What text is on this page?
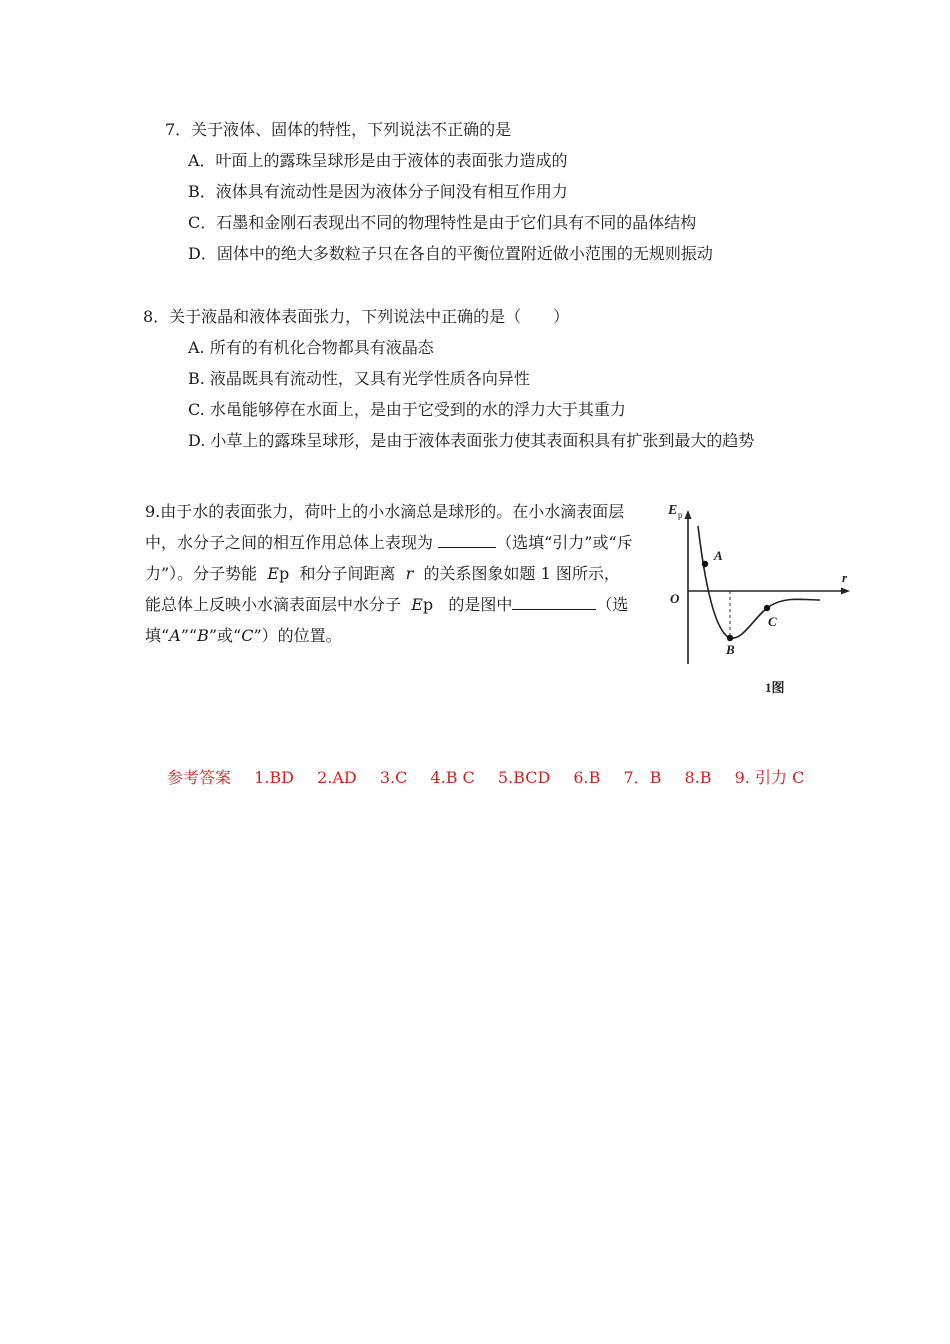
7．关于液体、固体的特性，下列说法不正确的是
A．叶面上的露珠呈球形是由于液体的表面张力造成的
B．液体具有流动性是因为液体分子间没有相互作用力
C．石墨和金刚石表现出不同的物理特性是由于它们具有不同的晶体结构
D．固体中的绝大多数粒子只在各自的平衡位置附近做小范围的无规则振动
8．关于液晶和液体表面张力，下列说法中正确的是（　　）
A. 所有的有机化合物都具有液晶态
B. 液晶既具有流动性，又具有光学性质各向异性
C. 水黾能够停在水面上，是由于它受到的水的浮力大于其重力
D. 小草上的露珠呈球形，是由于液体表面张力使其表面积具有扩张到最大的趋势
9.由于水的表面张力，荷叶上的小水滴总是球形的。在小水滴表面层
中，水分子之间的相互作用总体上表现为	（选填“引力”或“斥
力”）。分子势能 Ep 和分子间距离 r 的关系图象如题 1 图所示，
能总体上反映小水滴表面层中水分子 Ep 的是图中	（选
填“A”“B”或“C”）的位置。
E p
r
O
A
B
C
1图
参考答案 1.BD 2.AD 3.C 4.B C 5.BCD 6.B 7．B 8.B 9. 引力 C
